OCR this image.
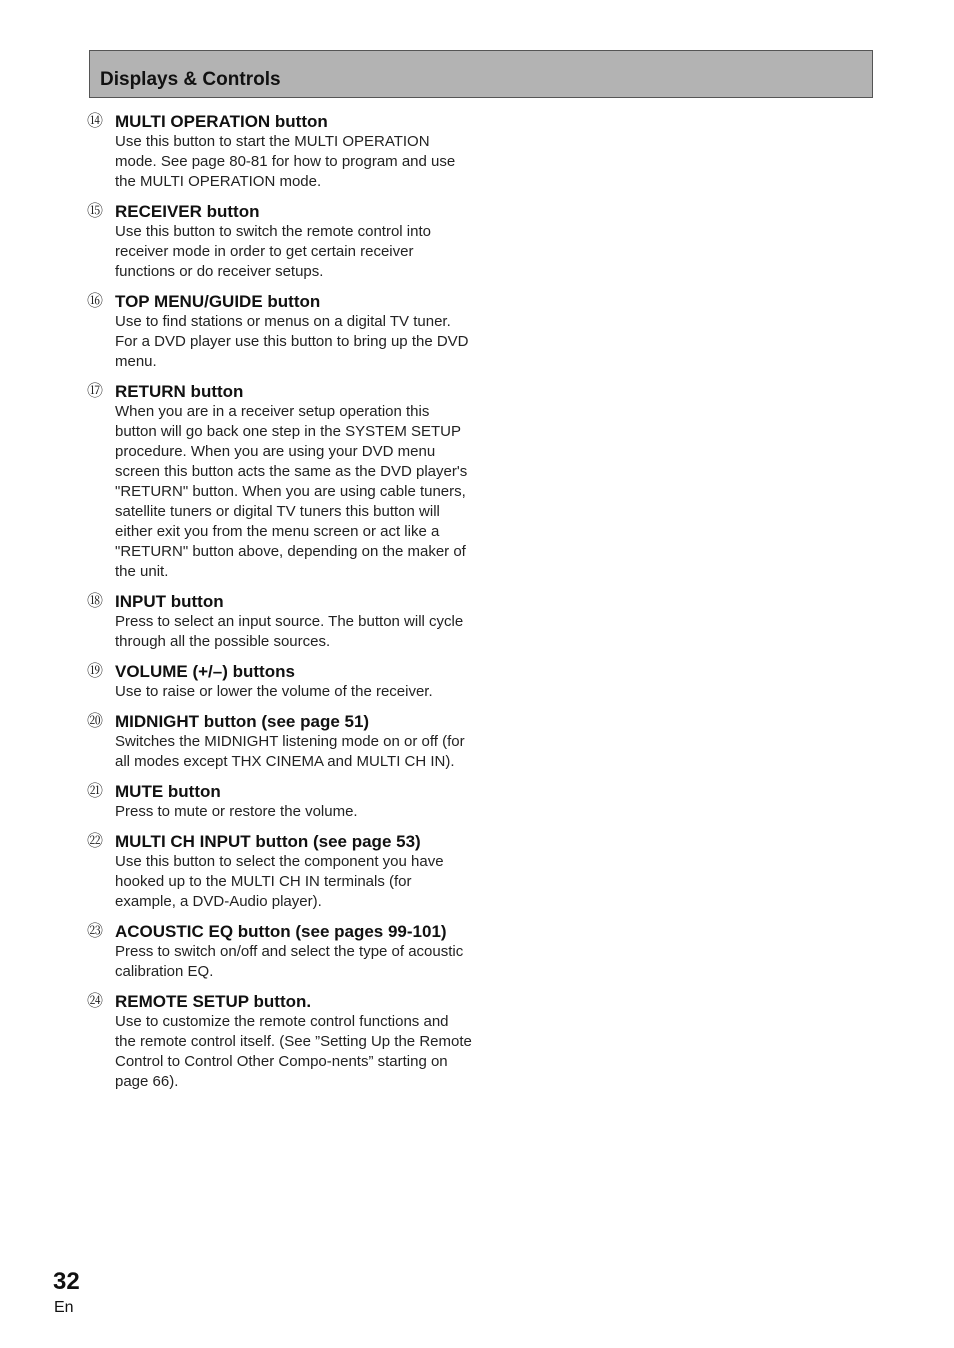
Displays & Controls
⑭ MULTI OPERATION button
Use this button to start the MULTI OPERATION mode. See page 80-81 for how to program and use the MULTI OPERATION mode.
⑮ RECEIVER button
Use this button to switch the remote control into receiver mode in order to get certain receiver functions or do receiver setups.
⑯ TOP MENU/GUIDE button
Use to find stations or menus on a digital TV tuner. For a DVD player use this button to bring up the DVD menu.
⑰ RETURN button
When you are in a receiver setup operation this button will go back one step in the SYSTEM SETUP procedure. When you are using your DVD menu screen this button acts the same as the DVD player's "RETURN" button. When you are using cable tuners, satellite tuners or digital TV tuners this button will either exit you from the menu screen or act like a "RETURN" button above, depending on the maker of the unit.
⑱ INPUT button
Press to select an input source. The button will cycle through all the possible sources.
⑲ VOLUME (+/–) buttons
Use to raise or lower the volume of the receiver.
⑳ MIDNIGHT button (see page 51)
Switches the MIDNIGHT listening mode on or off (for all modes except THX CINEMA and MULTI CH IN).
㉑ MUTE button
Press to mute or restore the volume.
㉒ MULTI CH INPUT button (see page 53)
Use this button to select the component you have hooked up to the MULTI CH IN terminals (for example, a DVD-Audio player).
㉓ ACOUSTIC EQ button (see pages 99-101)
Press to switch on/off and select the type of acoustic calibration EQ.
㉔ REMOTE SETUP button.
Use to customize the remote control functions and the remote control itself. (See ”Setting Up the Remote Control to Control Other Compo-nents” starting on page 66).
32
En
